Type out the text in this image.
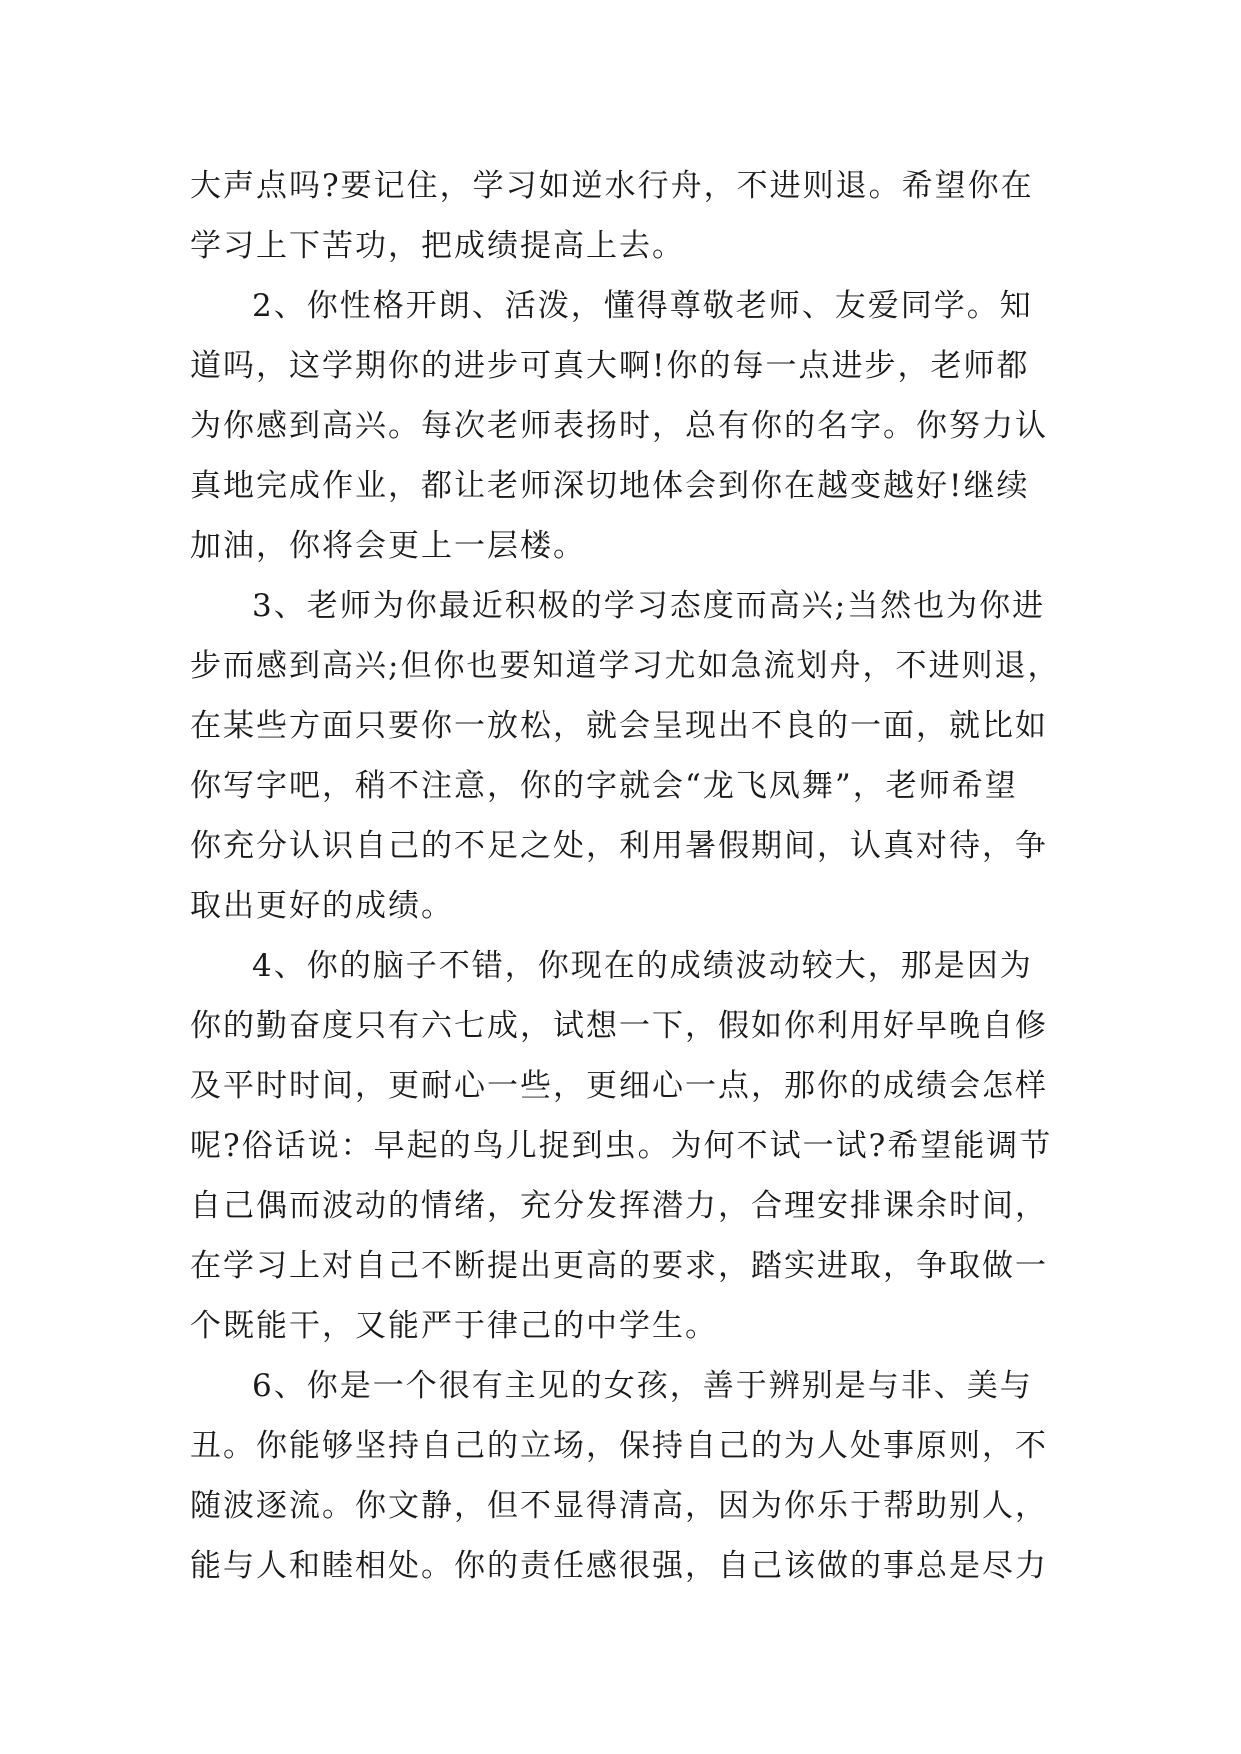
大声点吗?要记住，学习如逆水行舟，不进则退。希望你在
学习上下苦功，把成绩提高上去。
2、你性格开朗、活泼，懂得尊敬老师、友爱同学。知
道吗，这学期你的进步可真大啊!你的每一点进步，老师都
为你感到高兴。每次老师表扬时，总有你的名字。你努力认
真地完成作业，都让老师深切地体会到你在越变越好!继续
加油，你将会更上一层楼。
3、老师为你最近积极的学习态度而高兴;当然也为你进
步而感到高兴;但你也要知道学习尤如急流划舟，不进则退，
在某些方面只要你一放松，就会呈现出不良的一面，就比如
你写字吧，稍不注意，你的字就会“龙飞凤舞”，老师希望
你充分认识自己的不足之处，利用暑假期间，认真对待，争
取出更好的成绩。
4、你的脑子不错，你现在的成绩波动较大，那是因为
你的勤奋度只有六七成，试想一下，假如你利用好早晚自修
及平时时间，更耐心一些，更细心一点，那你的成绩会怎样
呢?俗话说：早起的鸟儿捉到虫。为何不试一试?希望能调节
自己偶而波动的情绪，充分发挥潜力，合理安排课余时间，
在学习上对自己不断提出更高的要求，踏实进取，争取做一
个既能干，又能严于律己的中学生。
6、你是一个很有主见的女孩，善于辨别是与非、美与
丑。你能够坚持自己的立场，保持自己的为人处事原则，不
随波逐流。你文静，但不显得清高，因为你乐于帮助别人，
能与人和睦相处。你的责任感很强，自己该做的事总是尽力
